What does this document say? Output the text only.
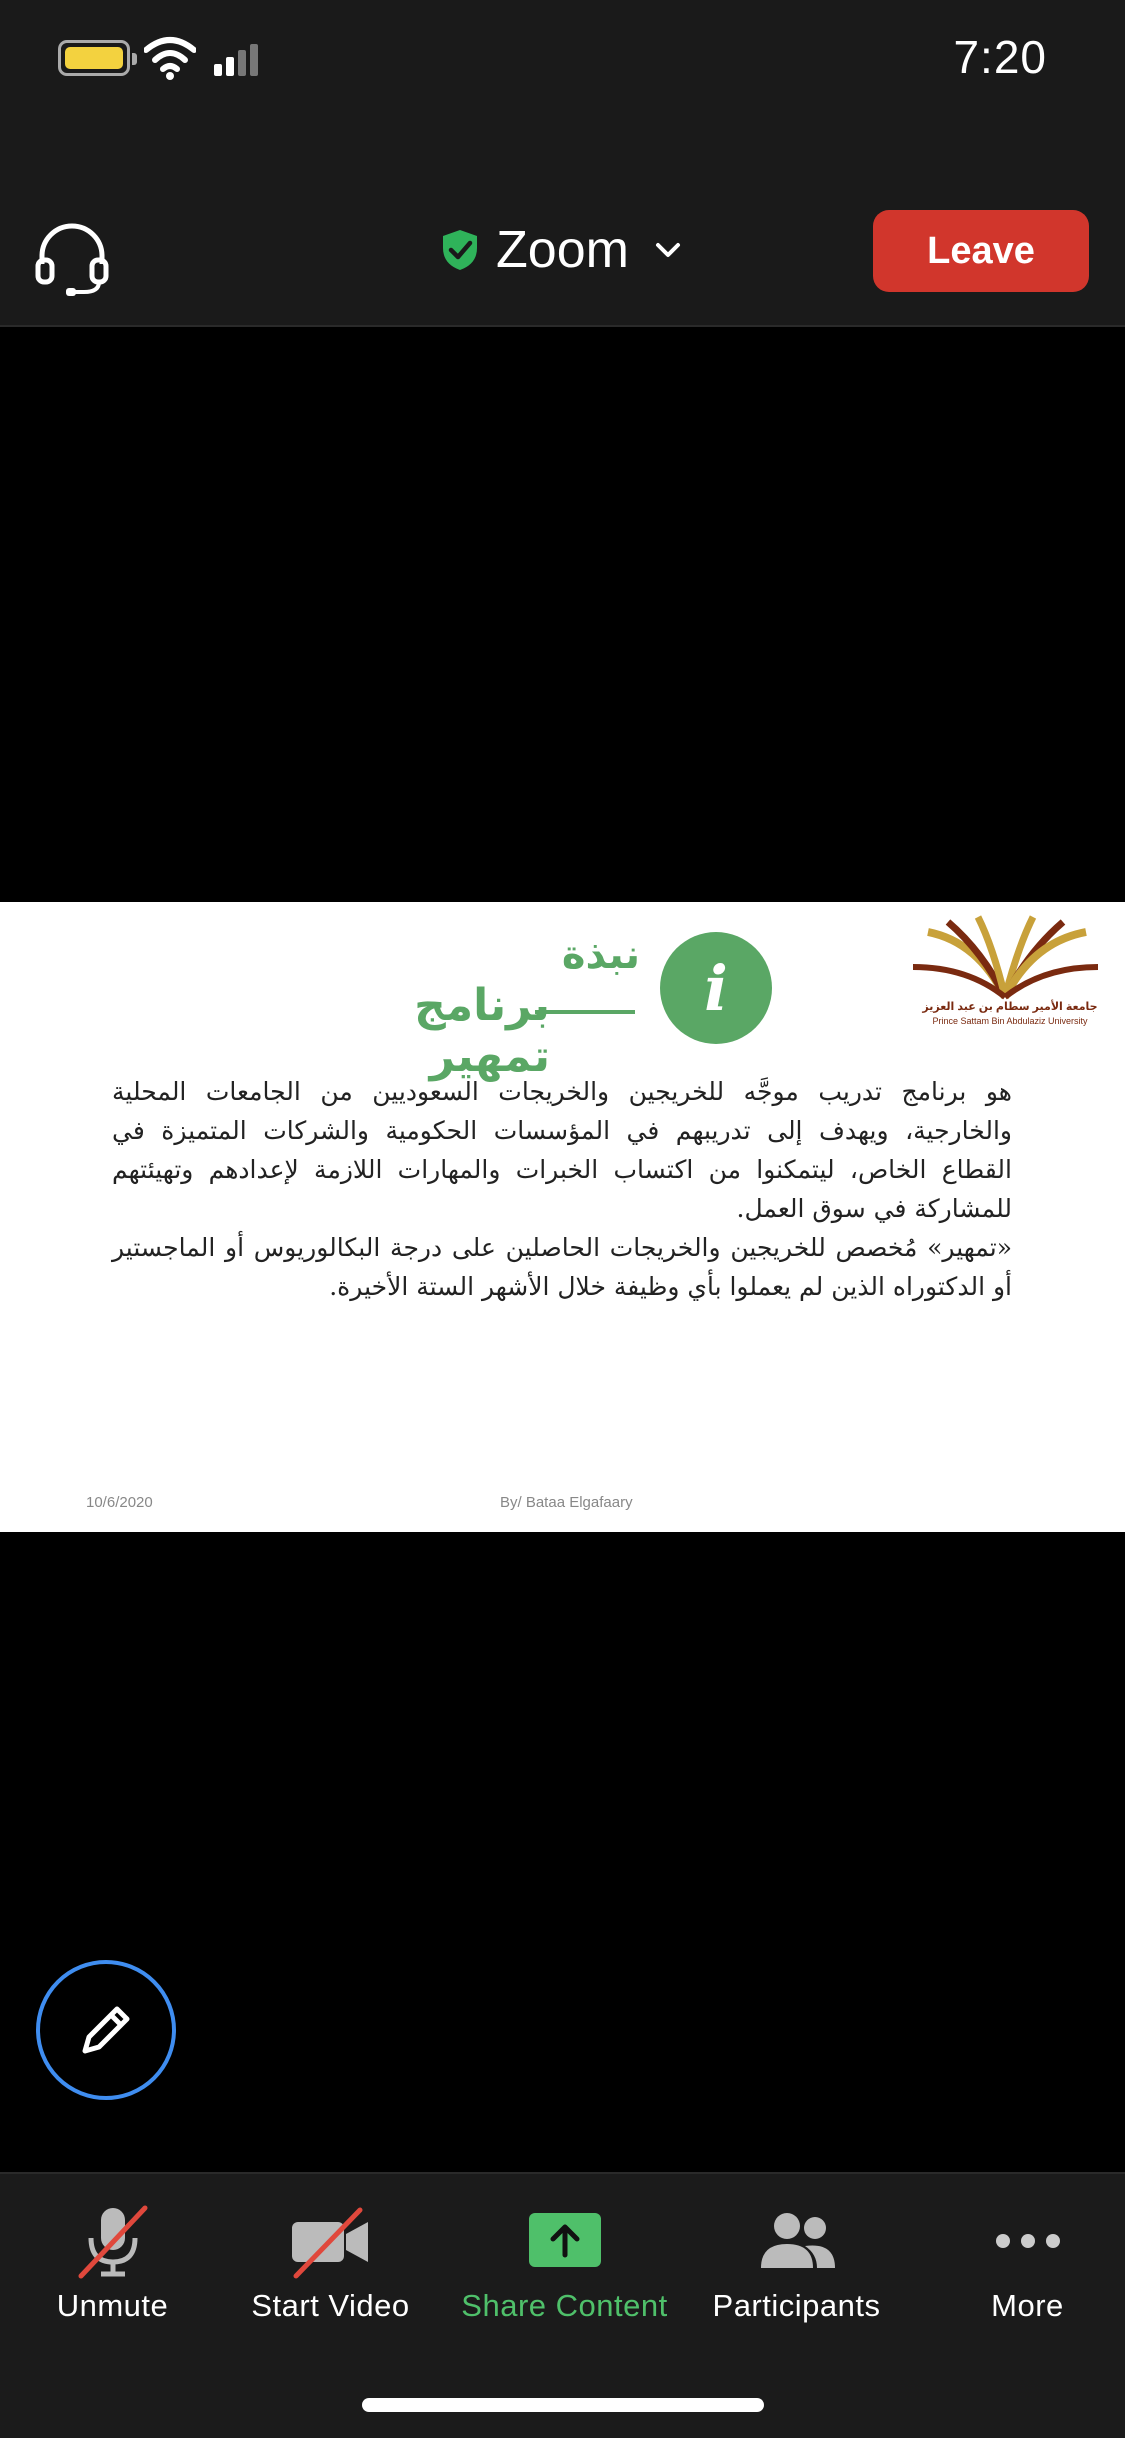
7:20
Zoom	Leave
جامعة الأمير سطام بن عبد العزيز
Prince Sattam Bin Abdulaziz University
i
نبذة
برنامج تمهير

هو برنامج تدريب موجَّه للخريجين والخريجات السعوديين من الجامعات المحلية والخارجية، ويهدف إلى تدريبهم في المؤسسات الحكومية والشركات المتميزة في القطاع الخاص، ليتمكنوا من اكتساب الخبرات والمهارات اللازمة لإعدادهم وتهيئتهم للمشاركة في سوق العمل.

«تمهير» مُخصص للخريجين والخريجات الحاصلين على درجة البكالوريوس أو الماجستير أو الدكتوراه الذين لم يعملوا بأي وظيفة خلال الأشهر الستة الأخيرة.

10/6/2020	By/ Bataa Elgafaary
Unmute	Start Video	Share Content	Participants	More
